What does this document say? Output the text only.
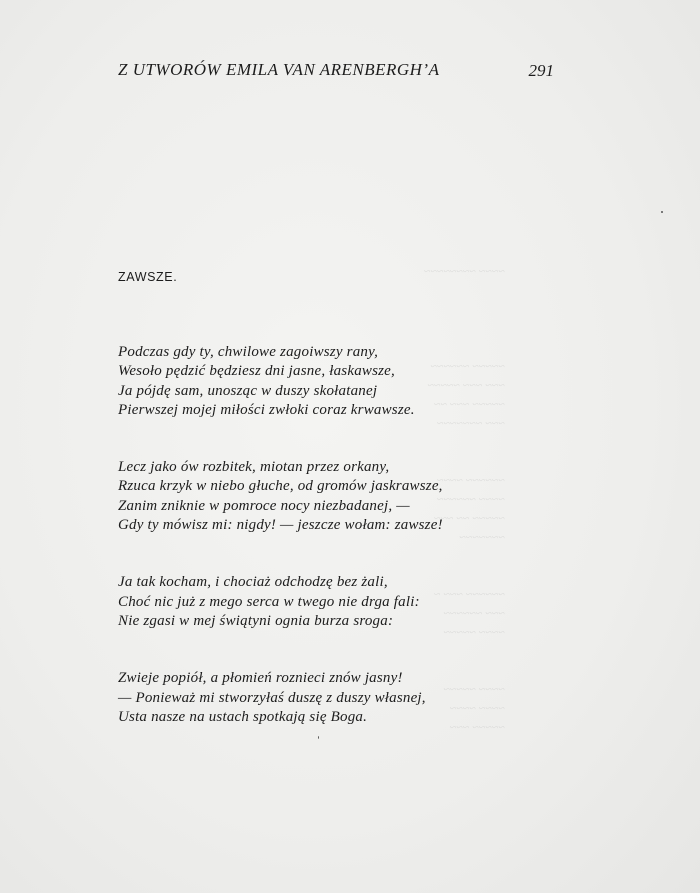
~~~~ ~~~~~~~~
~~~~~ ~~~~~~
~~~ ~~~ ~~~~~
~~~~~ ~~~ ~~
~~~ ~~~~~~~
~~~~~~ ~~~~
~~~~ ~~~~~~
~~~~~ ~~ ~~~
~~~~~~~
~~~~~~ ~~~ ~
~~~ ~~~~~~
~~~~ ~~~~~
~~~~ ~~~~~
~~~~ ~~~~
~~~~~ ~~~
Z UTWORÓW EMILA VAN ARENBERGH’A	291
ZAWSZE.
Podczas gdy ty, chwilowe zagoiwszy rany,
Wesoło pędzić będziesz dni jasne, łaskawsze,
Ja pójdę sam, unosząc w duszy skołatanej
Pierwszej mojej miłości zwłoki coraz krwawsze.
Lecz jako ów rozbitek, miotan przez orkany,
Rzuca krzyk w niebo głuche, od gromów jaskrawsze,
Zanim zniknie w pomroce nocy niezbadanej, —
Gdy ty mówisz mi: nigdy! — jeszcze wołam: zawsze!
Ja tak kocham, i chociaż odchodzę bez żali,
Choć nic już z mego serca w twego nie drga fali:
Nie zgasi w mej świątyni ognia burza sroga:
Zwieje popiół, a płomień roznieci znów jasny!
— Ponieważ mi stworzyłaś duszę z duszy własnej,
Usta nasze na ustach spotkają się Boga.
